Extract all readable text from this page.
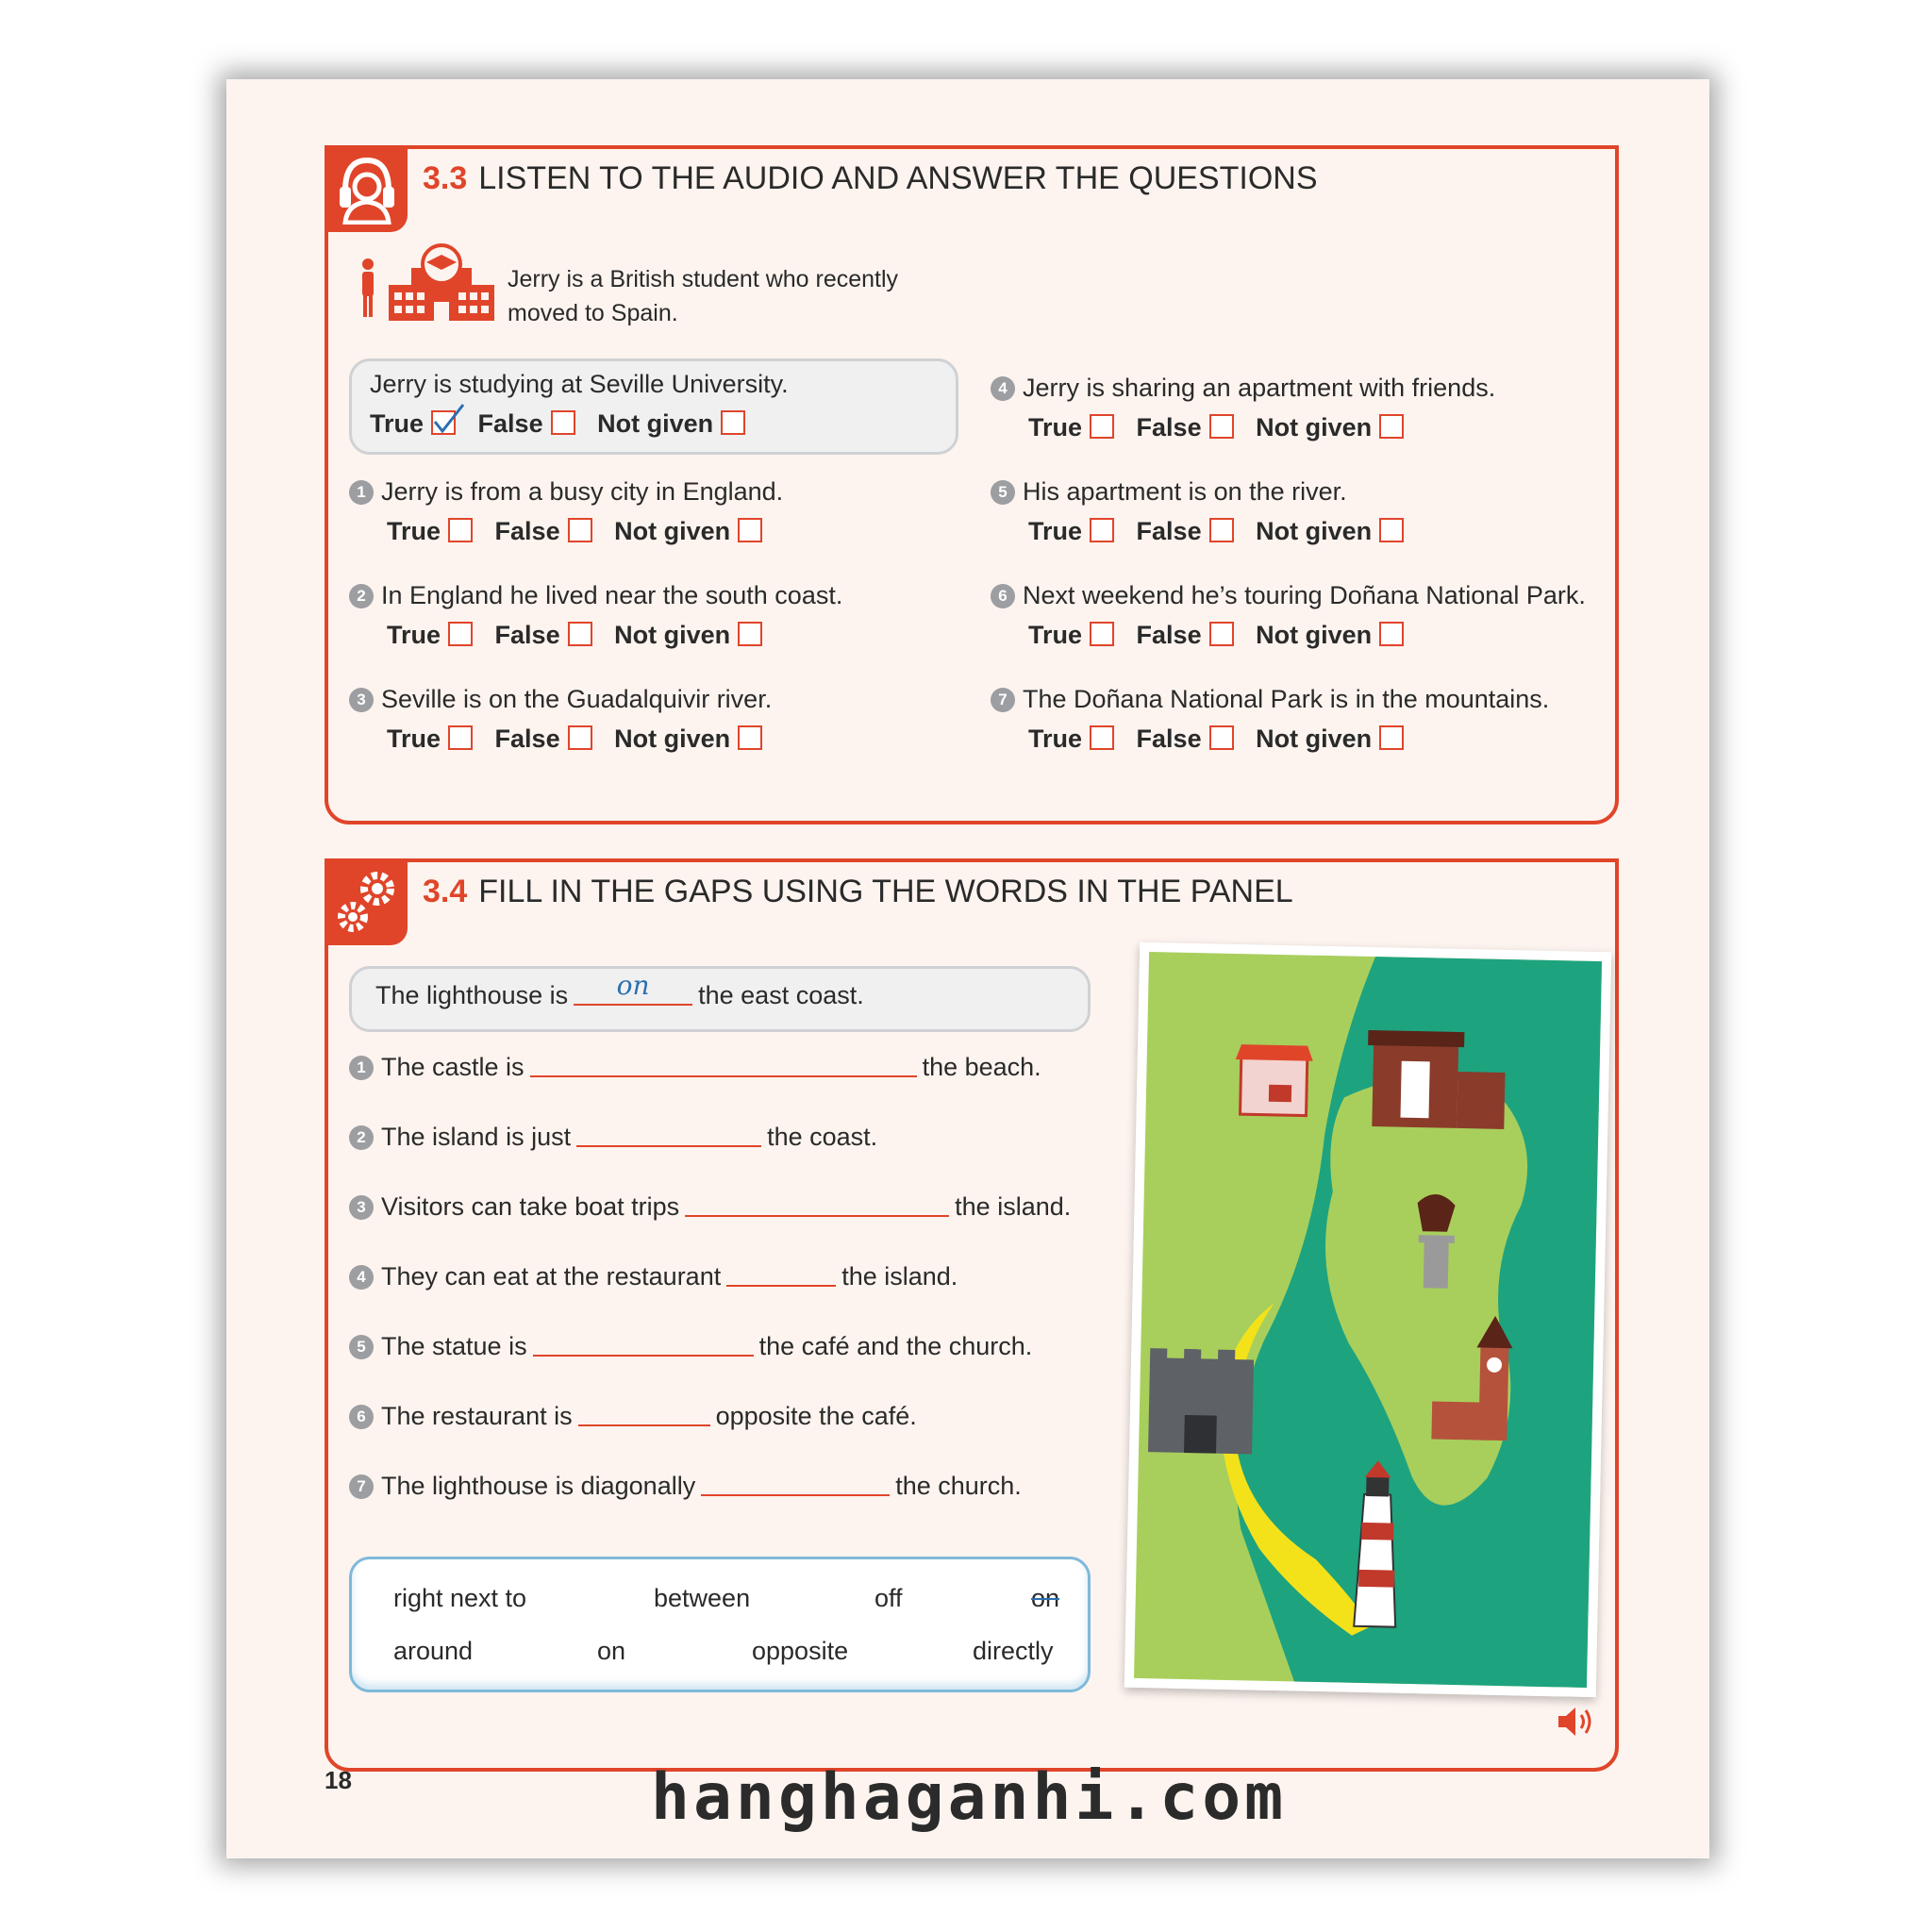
3.3 LISTEN TO THE AUDIO AND ANSWER THE QUESTIONS
Jerry is a British student who recently moved to Spain.
Jerry is studying at Seville University.
True False Not given
1 Jerry is from a busy city in England.
True False Not given
2 In England he lived near the south coast.
True False Not given
3 Seville is on the Guadalquivir river.
True False Not given
4 Jerry is sharing an apartment with friends.
True False Not given
5 His apartment is on the river.
True False Not given
6 Next weekend he’s touring Doñana National Park.
True False Not given
7 The Doñana National Park is in the mountains.
True False Not given
3.4 FILL IN THE GAPS USING THE WORDS IN THE PANEL
The lighthouse is	on	the east coast.
1 The castle is	the beach.
2 The island is just	the coast.
3 Visitors can take boat trips	the island.
4 They can eat at the restaurant	the island.
5 The statue is	the café and the church.
6 The restaurant is	opposite the café.
7 The lighthouse is diagonally	the church.
right next to	between	off	on
around	on	opposite	directly
18	hanghaganhi.com
